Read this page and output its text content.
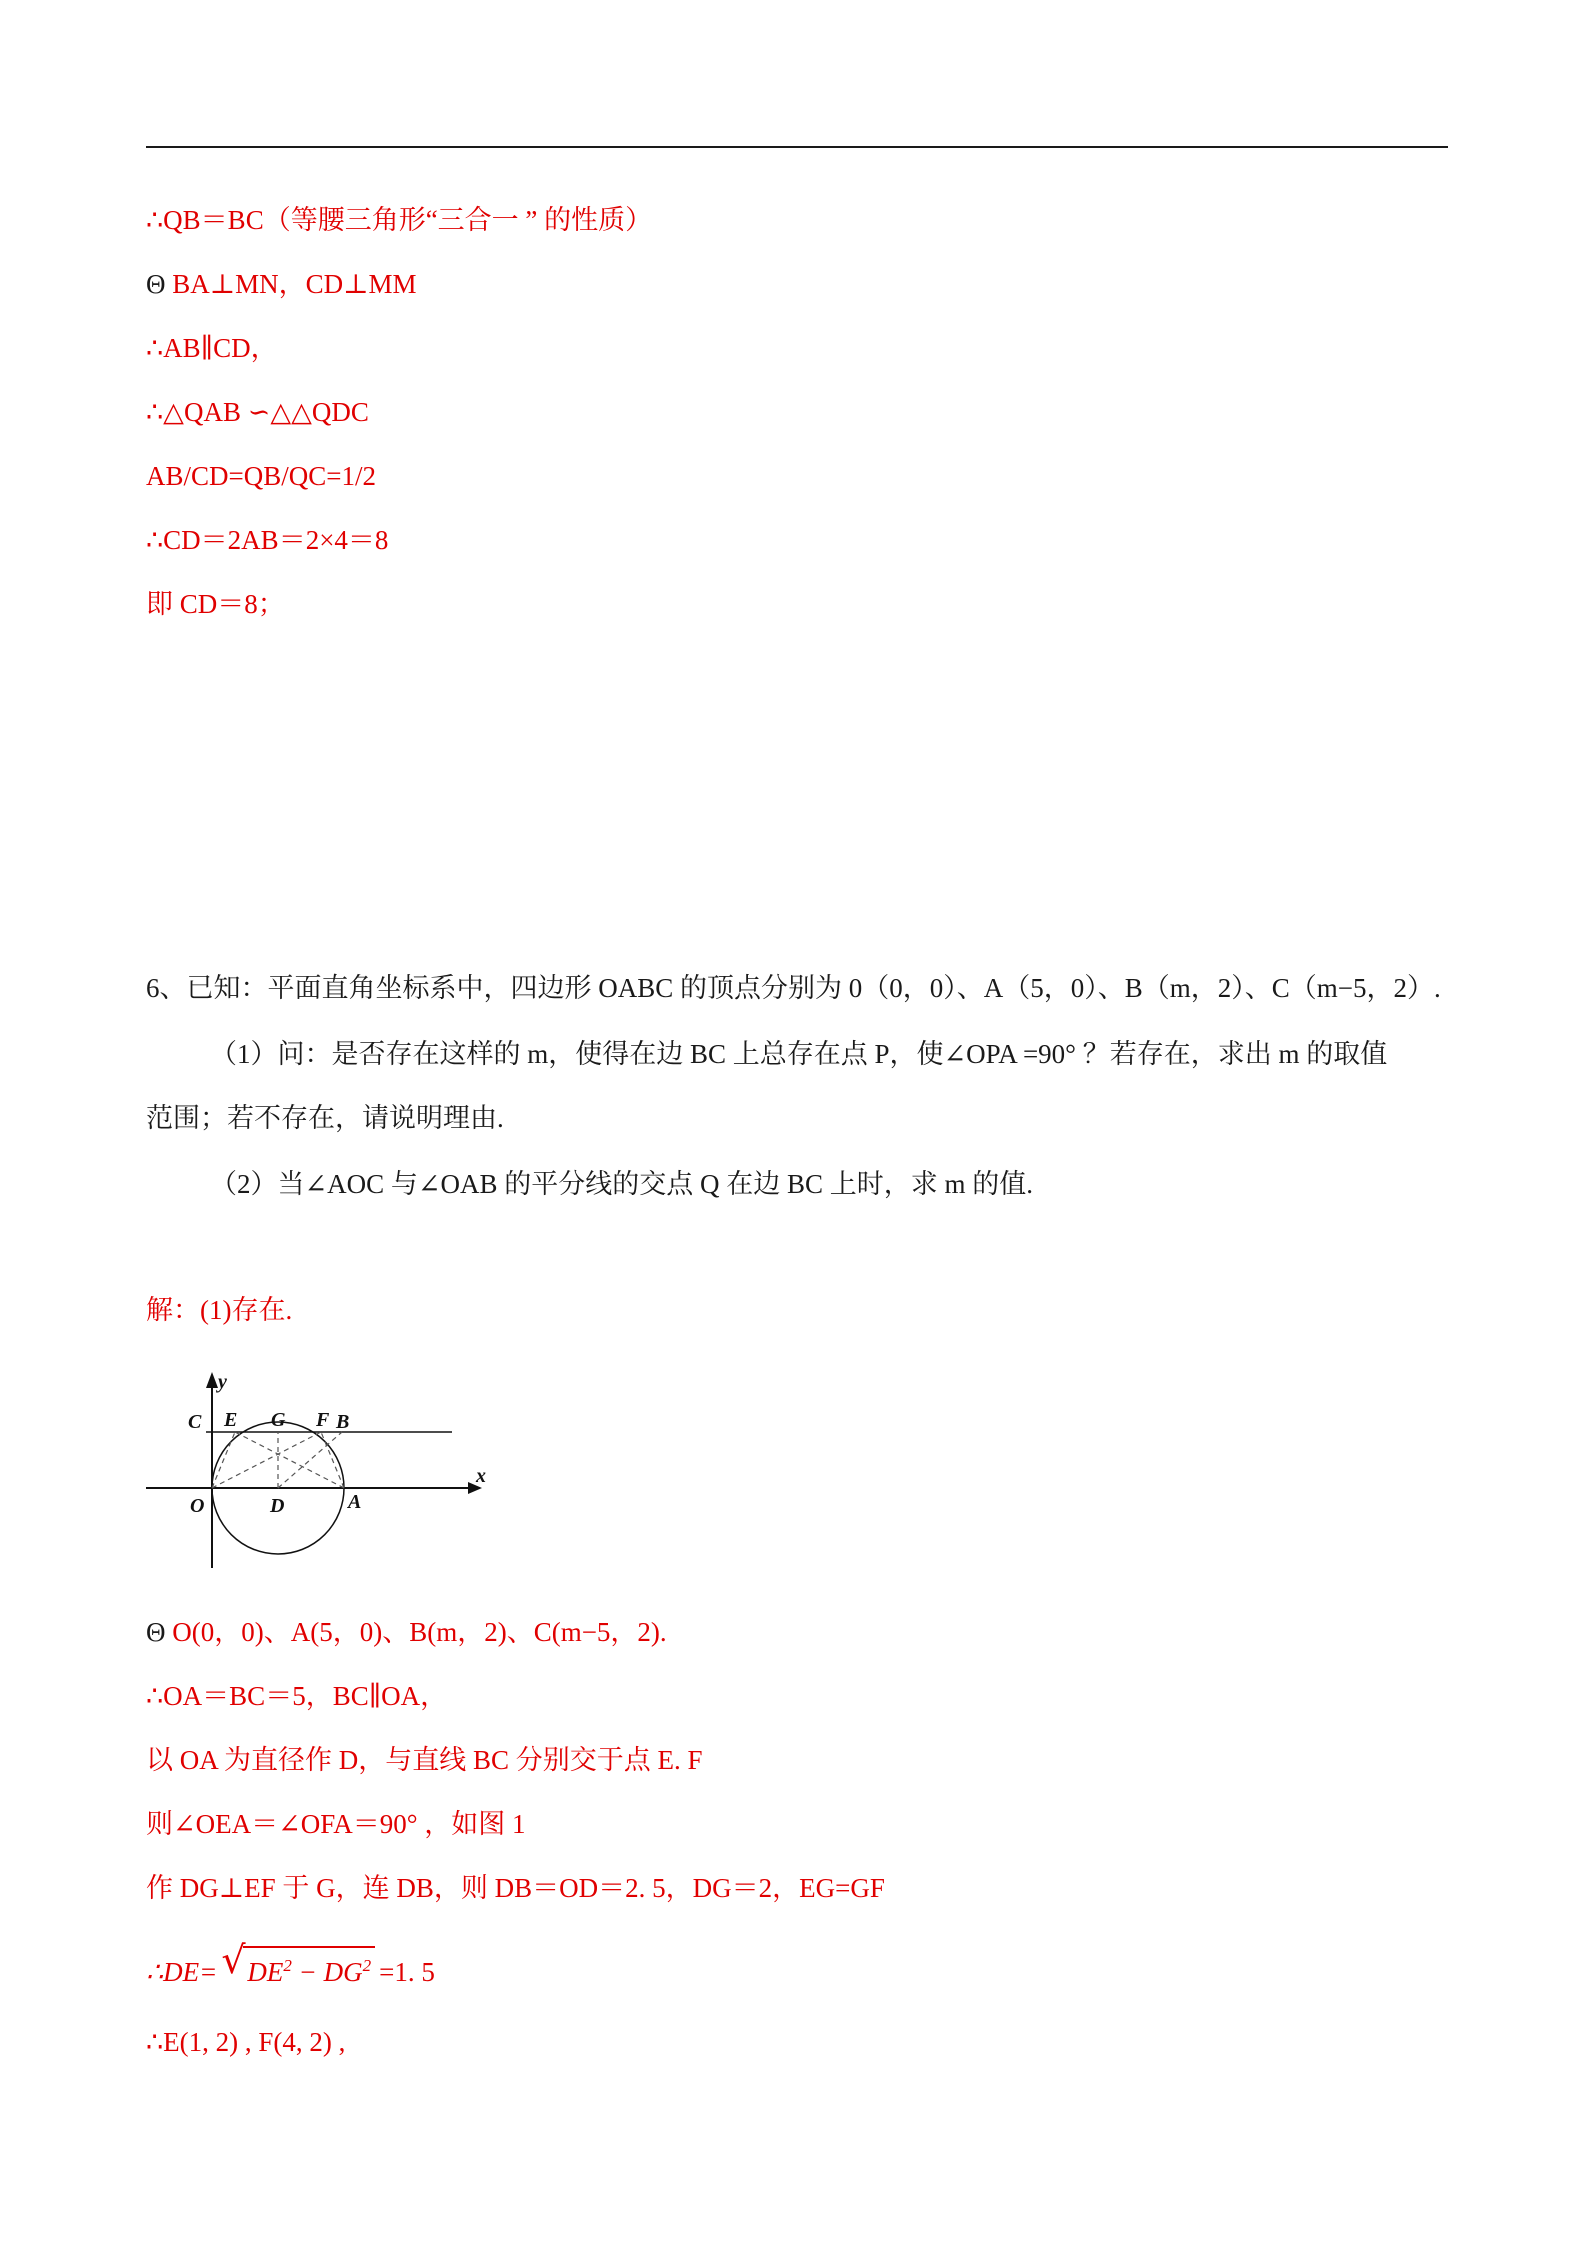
∴QB＝BC（等腰三角形“三合一 ” 的性质）
Θ BA⊥MN，CD⊥MM
∴AB∥CD，
∴△QAB ∽△△QDC
AB/CD=QB/QC=1/2
∴CD＝2AB＝2×4＝8
即 CD＝8；
6、已知：平面直角坐标系中，四边形 OABC 的顶点分别为 0（0，0）、A（5，0）、B（m，2）、C（m−5，2）.
（1）问：是否存在这样的 m，使得在边 BC 上总存在点 P，使∠OPA =90° ？若存在，求出 m 的取值
范围；若不存在，请说明理由.
（2）当∠AOC 与∠OAB 的平分线的交点 Q 在边 BC 上时，求 m 的值.
解：(1)存在.
y
x
C E G F B
O	D	A
Θ O(0，0)、A(5，0)、B(m，2)、C(m−5，2).
∴OA＝BC＝5，BC∥OA，
以 OA 为直径作 D，与直线 BC 分别交于点 E. F
则∠OEA＝∠OFA＝90° ，如图 1
作 DG⊥EF 于 G，连 DB，则 DB＝OD＝2. 5，DG＝2，EG=GF
∴DE= √ $DE^2 - DG^2 =1$. 5
∴E(1, 2) , F(4, 2) ,
